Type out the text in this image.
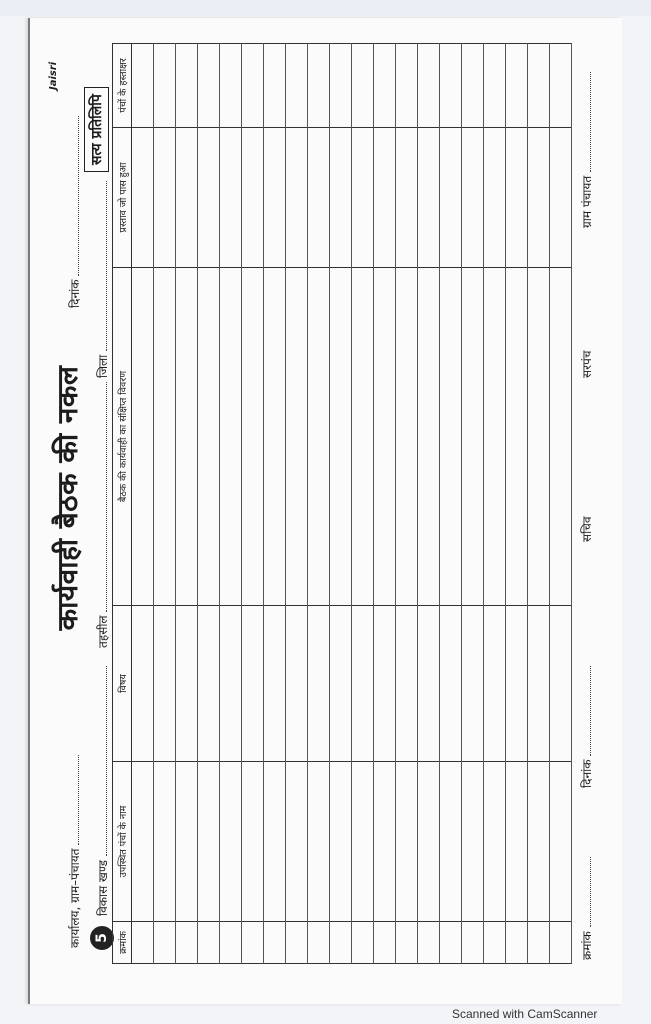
कार्यालय, ग्राम–पंचायत
कार्यवाही बैठक की नकल
दिनांक
Jaisri
5
विकास खण्ड
तहसील
जिला
सत्य प्रतिलिपि
क्रमांक	उपस्थित पंचों के नाम	विषय	बैठक की कार्यवाही का संक्षिप्त विवरण	प्रस्ताव जो पास हुआ	पंचों के हस्ताक्षर

क्रमांक
दिनांक
सचिव
सरपंच
ग्राम पंचायत
Scanned with CamScanner
